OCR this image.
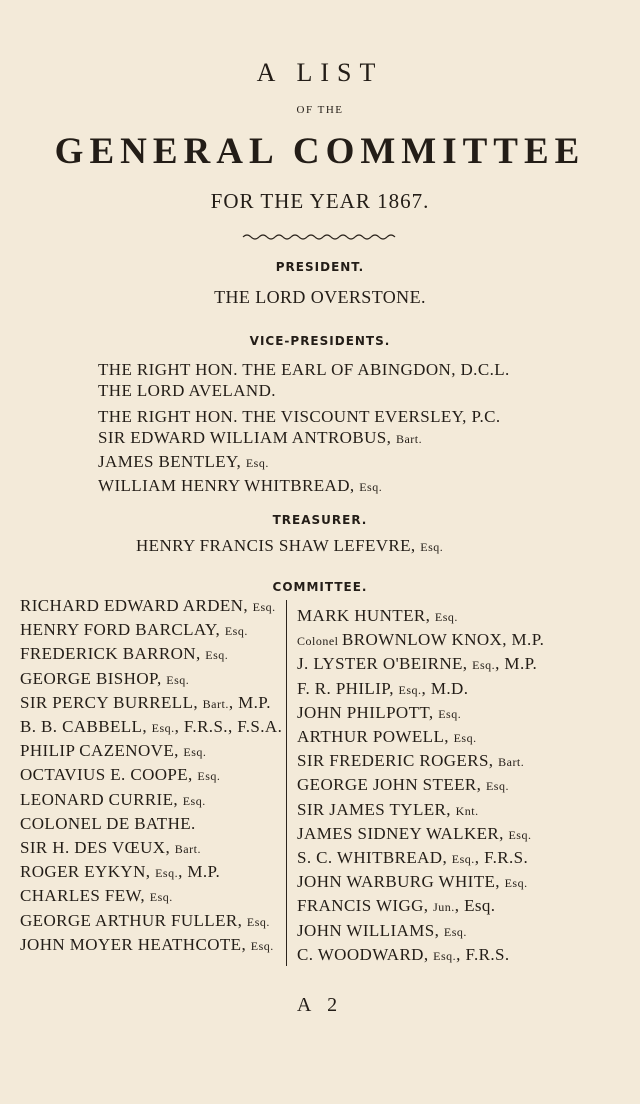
A LIST
OF THE
GENERAL COMMITTEE
FOR THE YEAR 1867.
PRESIDENT.
THE LORD OVERSTONE.
VICE-PRESIDENTS.
THE RIGHT HON. THE EARL OF ABINGDON, D.C.L.
THE LORD AVELAND.
THE RIGHT HON. THE VISCOUNT EVERSLEY, P.C.
SIR EDWARD WILLIAM ANTROBUS, Bart.
JAMES BENTLEY, Esq.
WILLIAM HENRY WHITBREAD, Esq.
TREASURER.
HENRY FRANCIS SHAW LEFEVRE, Esq.
COMMITTEE.
RICHARD EDWARD ARDEN, Esq.
HENRY FORD BARCLAY, Esq.
FREDERICK BARRON, Esq.
GEORGE BISHOP, Esq.
SIR PERCY BURRELL, Bart., M.P.
B. B. CABBELL, Esq., F.R.S., F.S.A.
PHILIP CAZENOVE, Esq.
OCTAVIUS E. COOPE, Esq.
LEONARD CURRIE, Esq.
COLONEL DE BATHE.
SIR H. DES VŒUX, Bart.
ROGER EYKYN, Esq., M.P.
CHARLES FEW, Esq.
GEORGE ARTHUR FULLER, Esq.
JOHN MOYER HEATHCOTE, Esq.
MARK HUNTER, Esq.
Colonel BROWNLOW KNOX, M.P.
J. LYSTER O'BEIRNE, Esq., M.P.
F. R. PHILIP, Esq., M.D.
JOHN PHILPOTT, Esq.
ARTHUR POWELL, Esq.
SIR FREDERIC ROGERS, Bart.
GEORGE JOHN STEER, Esq.
SIR JAMES TYLER, Knt.
JAMES SIDNEY WALKER, Esq.
S. C. WHITBREAD, Esq., F.R.S.
JOHN WARBURG WHITE, Esq.
FRANCIS WIGG, Jun., Esq.
JOHN WILLIAMS, Esq.
C. WOODWARD, Esq., F.R.S.
A 2
